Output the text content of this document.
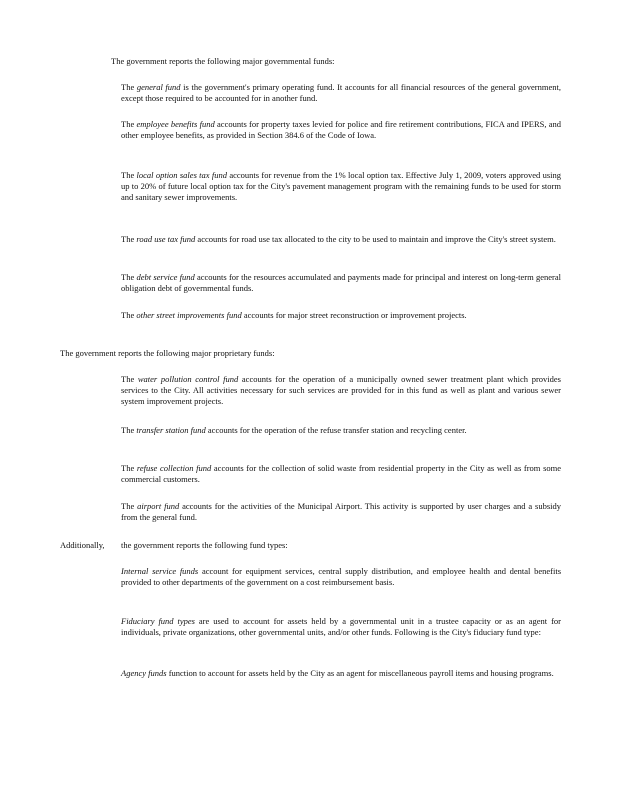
The government reports the following major governmental funds:

The general fund is the government's primary operating fund. It accounts for all financial resources of the general government, except those required to be accounted for in another fund.

The employee benefits fund accounts for property taxes levied for police and fire retirement contributions, FICA and IPERS, and other employee benefits, as provided in Section 384.6 of the Code of Iowa.

The local option sales tax fund accounts for revenue from the 1% local option tax. Effective July 1, 2009, voters approved using up to 20% of future local option tax for the City's pavement management program with the remaining funds to be used for storm and sanitary sewer improvements.

The road use tax fund accounts for road use tax allocated to the city to be used to maintain and improve the City's street system.

The debt service fund accounts for the resources accumulated and payments made for principal and interest on long-term general obligation debt of governmental funds.

The other street improvements fund accounts for major street reconstruction or improvement projects.

The government reports the following major proprietary funds:

The water pollution control fund accounts for the operation of a municipally owned sewer treatment plant which provides services to the City. All activities necessary for such services are provided for in this fund as well as plant and various sewer system improvement projects.

The transfer station fund accounts for the operation of the refuse transfer station and recycling center.

The refuse collection fund accounts for the collection of solid waste from residential property in the City as well as from some commercial customers.

The airport fund accounts for the activities of the Municipal Airport. This activity is supported by user charges and a subsidy from the general fund.

Additionally,	the government reports the following fund types:

Internal service funds account for equipment services, central supply distribution, and employee health and dental benefits provided to other departments of the government on a cost reimbursement basis.

Fiduciary fund types are used to account for assets held by a governmental unit in a trustee capacity or as an agent for individuals, private organizations, other governmental units, and/or other funds. Following is the City's fiduciary fund type:

Agency funds function to account for assets held by the City as an agent for miscellaneous payroll items and housing programs.
